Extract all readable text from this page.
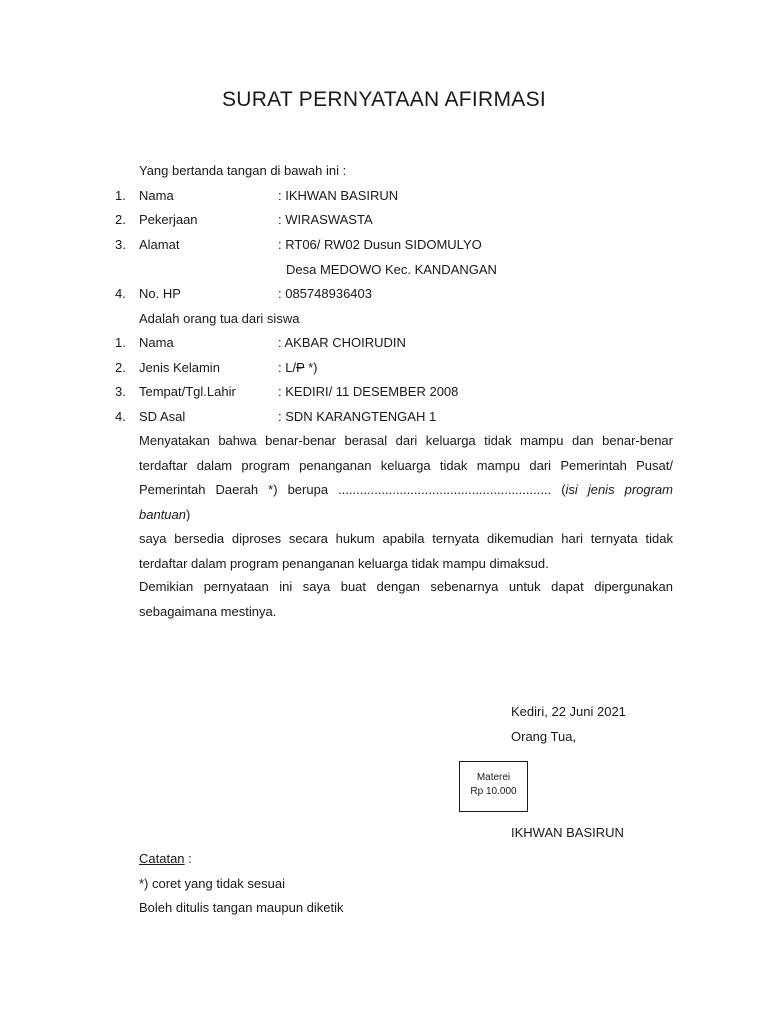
SURAT PERNYATAAN AFIRMASI
Yang bertanda tangan di bawah ini :
1. Nama	: IKHWAN BASIRUN
2. Pekerjaan	: WIRASWASTA
3. Alamat	: RT06/ RW02 Dusun SIDOMULYO
Desa MEDOWO Kec. KANDANGAN
4. No. HP	: 085748936403
Adalah orang tua dari siswa
1. Nama	: AKBAR CHOIRUDIN
2. Jenis Kelamin	: L/P *)
3. Tempat/Tgl.Lahir	: KEDIRI/ 11 DESEMBER 2008
4. SD Asal	: SDN KARANGTENGAH 1
Menyatakan bahwa benar-benar berasal dari keluarga tidak mampu dan benar-benar
terdaftar dalam program penanganan keluarga tidak mampu dari Pemerintah Pusat/
Pemerintah Daerah *) berupa ........................................................... (isi jenis program bantuan)
saya bersedia diproses secara hukum apabila ternyata dikemudian hari ternyata tidak
terdaftar dalam program penanganan keluarga tidak mampu dimaksud.
Demikian pernyataan ini saya buat dengan sebenarnya untuk dapat dipergunakan
sebagaimana mestinya.
Kediri, 22 Juni 2021
Orang Tua,
Materei
Rp 10.000
IKHWAN BASIRUN
Catatan :
*) coret yang tidak sesuai
Boleh ditulis tangan maupun diketik
